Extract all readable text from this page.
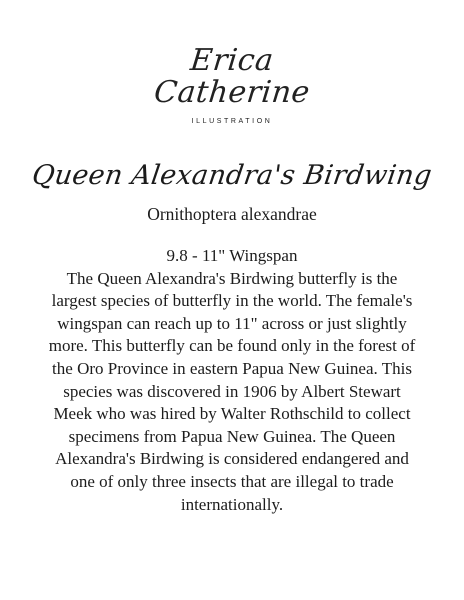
Erica
Catherine
ILLUSTRATION
Queen Alexandra's Birdwing
Ornithoptera alexandrae
9.8 - 11" Wingspan
The Queen Alexandra's Birdwing butterfly is the largest species of butterfly in the world. The female's wingspan can reach up to 11" across or just slightly more. This butterfly can be found only in the forest of the Oro Province in eastern Papua New Guinea. This species was discovered in 1906 by Albert Stewart Meek who was hired by Walter Rothschild to collect specimens from Papua New Guinea. The Queen Alexandra's Birdwing is considered endangered and one of only three insects that are illegal to trade internationally.
